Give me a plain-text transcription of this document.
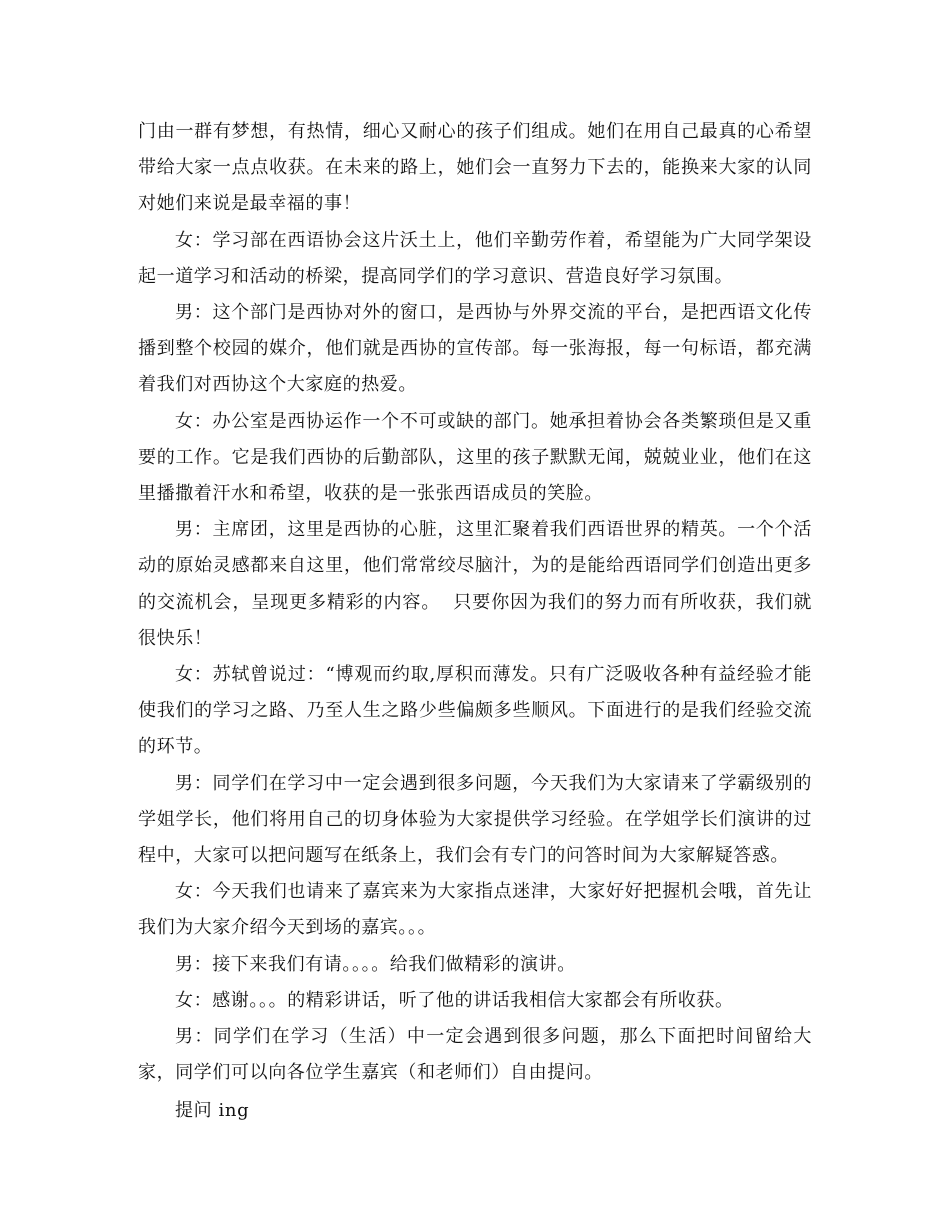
门由一群有梦想，有热情，细心又耐心的孩子们组成。她们在用自己最真的心希望带给大家一点点收获。在未来的路上，她们会一直努力下去的，能换来大家的认同对她们来说是最幸福的事！

女：学习部在西语协会这片沃土上，他们辛勤劳作着，希望能为广大同学架设起一道学习和活动的桥梁，提高同学们的学习意识、营造良好学习氛围。

男：这个部门是西协对外的窗口，是西协与外界交流的平台，是把西语文化传播到整个校园的媒介，他们就是西协的宣传部。每一张海报，每一句标语，都充满着我们对西协这个大家庭的热爱。

女：办公室是西协运作一个不可或缺的部门。她承担着协会各类繁琐但是又重要的工作。它是我们西协的后勤部队，这里的孩子默默无闻，兢兢业业，他们在这里播撒着汗水和希望，收获的是一张张西语成员的笑脸。

男：主席团，这里是西协的心脏，这里汇聚着我们西语世界的精英。一个个活动的原始灵感都来自这里，他们常常绞尽脑汁，为的是能给西语同学们创造出更多的交流机会，呈现更多精彩的内容。  只要你因为我们的努力而有所收获，我们就很快乐！

女：苏轼曾说过：“博观而约取,厚积而薄发。只有广泛吸收各种有益经验才能使我们的学习之路、乃至人生之路少些偏颇多些顺风。下面进行的是我们经验交流的环节。

男：同学们在学习中一定会遇到很多问题，今天我们为大家请来了学霸级别的学姐学长，他们将用自己的切身体验为大家提供学习经验。在学姐学长们演讲的过程中，大家可以把问题写在纸条上，我们会有专门的问答时间为大家解疑答惑。

女：今天我们也请来了嘉宾来为大家指点迷津，大家好好把握机会哦，首先让我们为大家介绍今天到场的嘉宾。。。

男：接下来我们有请。。。。给我们做精彩的演讲。

女：感谢。。。的精彩讲话，听了他的讲话我相信大家都会有所收获。

男：同学们在学习（生活）中一定会遇到很多问题，那么下面把时间留给大家，同学们可以向各位学生嘉宾（和老师们）自由提问。

提问 ing
